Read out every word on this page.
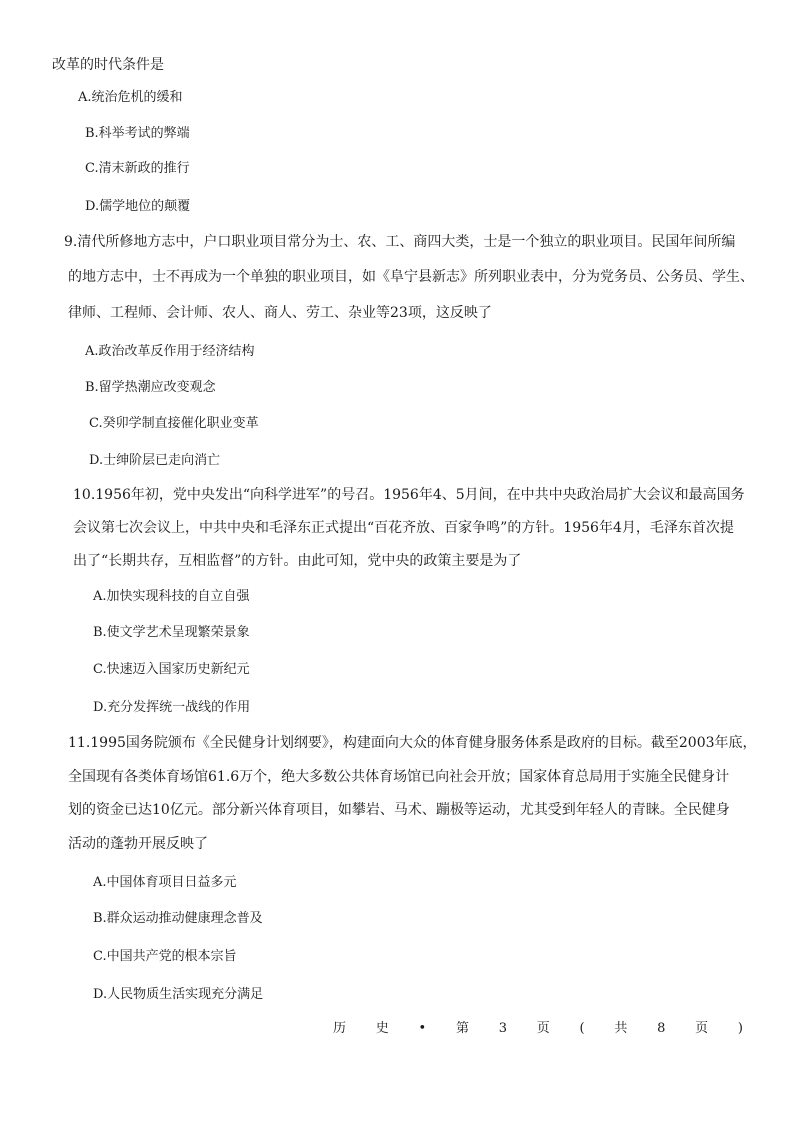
改革的时代条件是
A.统治危机的缓和
B.科举考试的弊端
C.清末新政的推行
D.儒学地位的颠覆
9.清代所修地方志中，户口职业项目常分为士、农、工、商四大类，士是一个独立的职业项目。民国年间所编
的地方志中，士不再成为一个单独的职业项目，如《阜宁县新志》所列职业表中，分为党务员、公务员、学生、
律师、工程师、会计师、农人、商人、劳工、杂业等23项，这反映了
A.政治改革反作用于经济结构
B.留学热潮应改变观念
C.癸卯学制直接催化职业变革
D.士绅阶层已走向消亡
10.1956年初，党中央发出“向科学进军”的号召。1956年4、5月间，在中共中央政治局扩大会议和最高国务
会议第七次会议上，中共中央和毛泽东正式提出“百花齐放、百家争鸣”的方针。1956年4月，毛泽东首次提
出了“长期共存，互相监督”的方针。由此可知，党中央的政策主要是为了
A.加快实现科技的自立自强
B.使文学艺术呈现繁荣景象
C.快速迈入国家历史新纪元
D.充分发挥统一战线的作用
11.1995国务院颁布《全民健身计划纲要》，构建面向大众的体育健身服务体系是政府的目标。截至2003年底，
全国现有各类体育场馆61.6万个，绝大多数公共体育场馆已向社会开放；国家体育总局用于实施全民健身计
划的资金已达10亿元。部分新兴体育项目，如攀岩、马术、蹦极等运动，尤其受到年轻人的青睐。全民健身
活动的蓬勃开展反映了
A.中国体育项目日益多元
B.群众运动推动健康理念普及
C.中国共产党的根本宗旨
D.人民物质生活实现充分满足
历 史 • 第 3 页 ( 共 8 页 )
